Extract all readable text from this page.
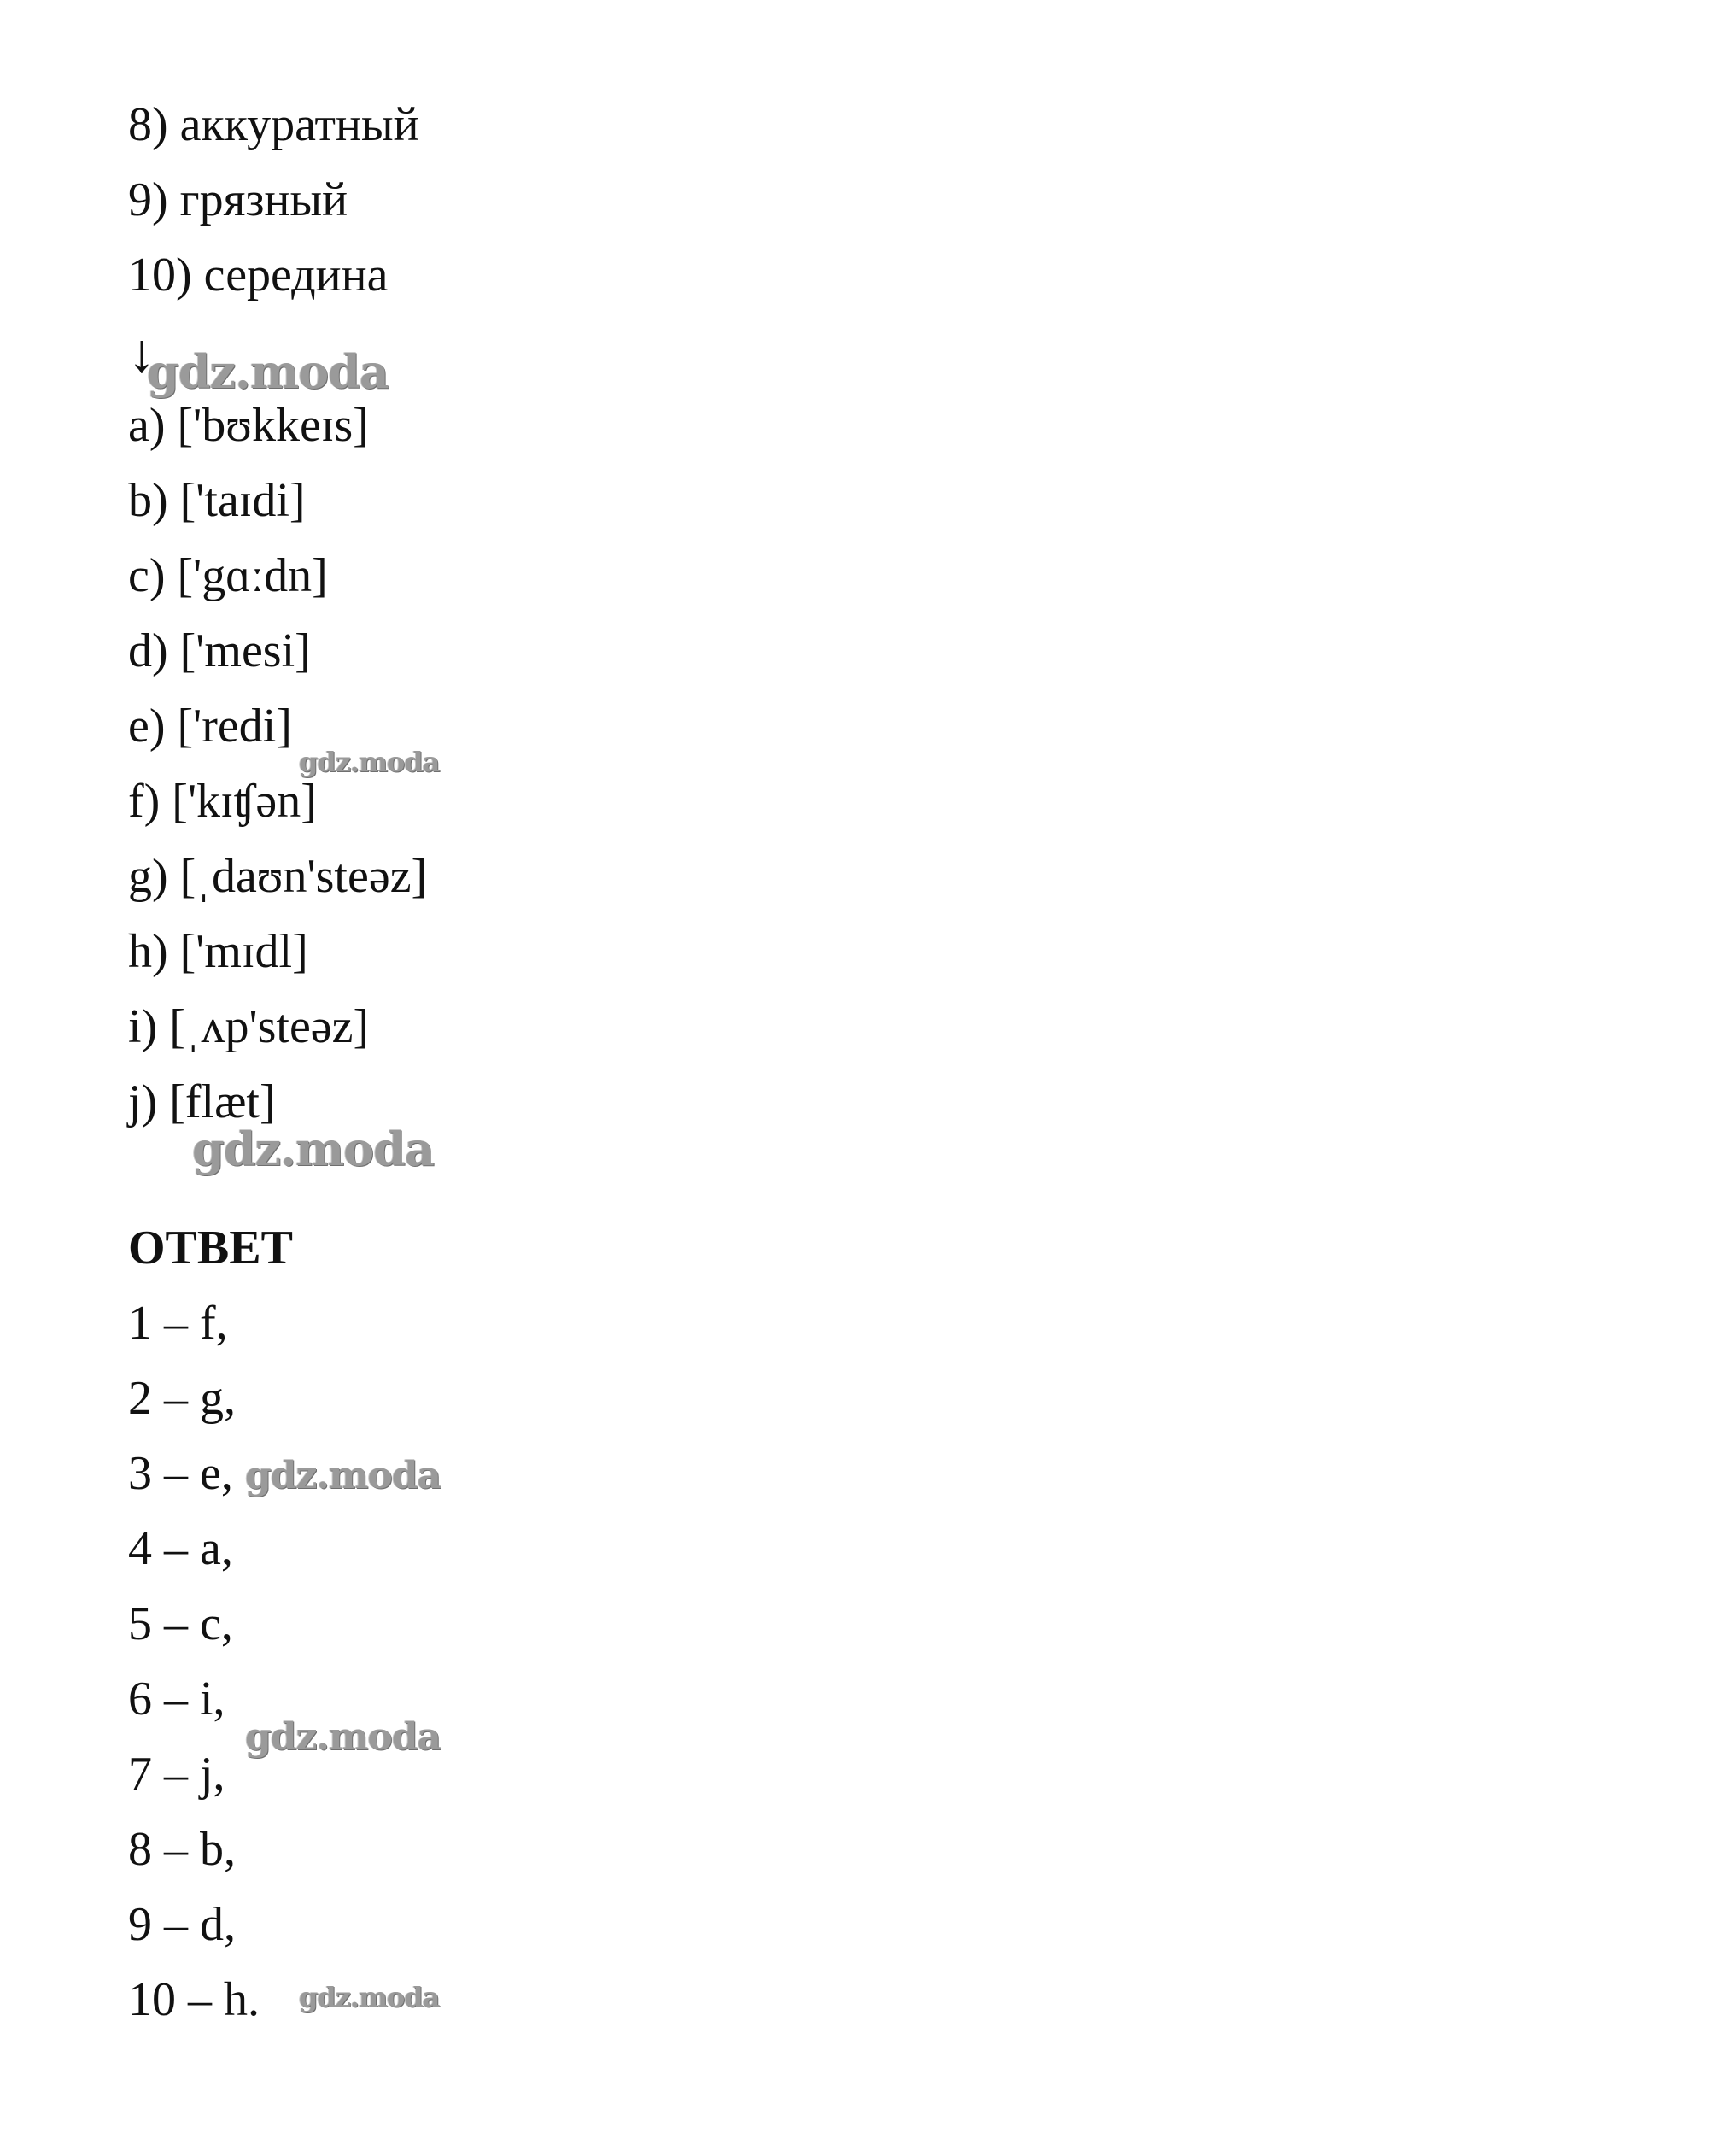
8) аккуратный
9) грязный
10) середина
↓
a) ['bʊkkeɪs]
b) ['taɪdi]
c) ['gɑːdn]
d) ['mesi]
e) ['redi]
f) ['kɪʧən]
g) [ˌdaʊn'steəz]
h) ['mɪdl]
i) [ˌʌp'steəz]
j) [flæt]
ОТВЕТ
1 – f,
2 – g,
3 – e,
4 – a,
5 – c,
6 – i,
7 – j,
8 – b,
9 – d,
10 – h.
gdz.moda
gdz.moda
gdz.moda
gdz.moda
gdz.moda
gdz.moda
